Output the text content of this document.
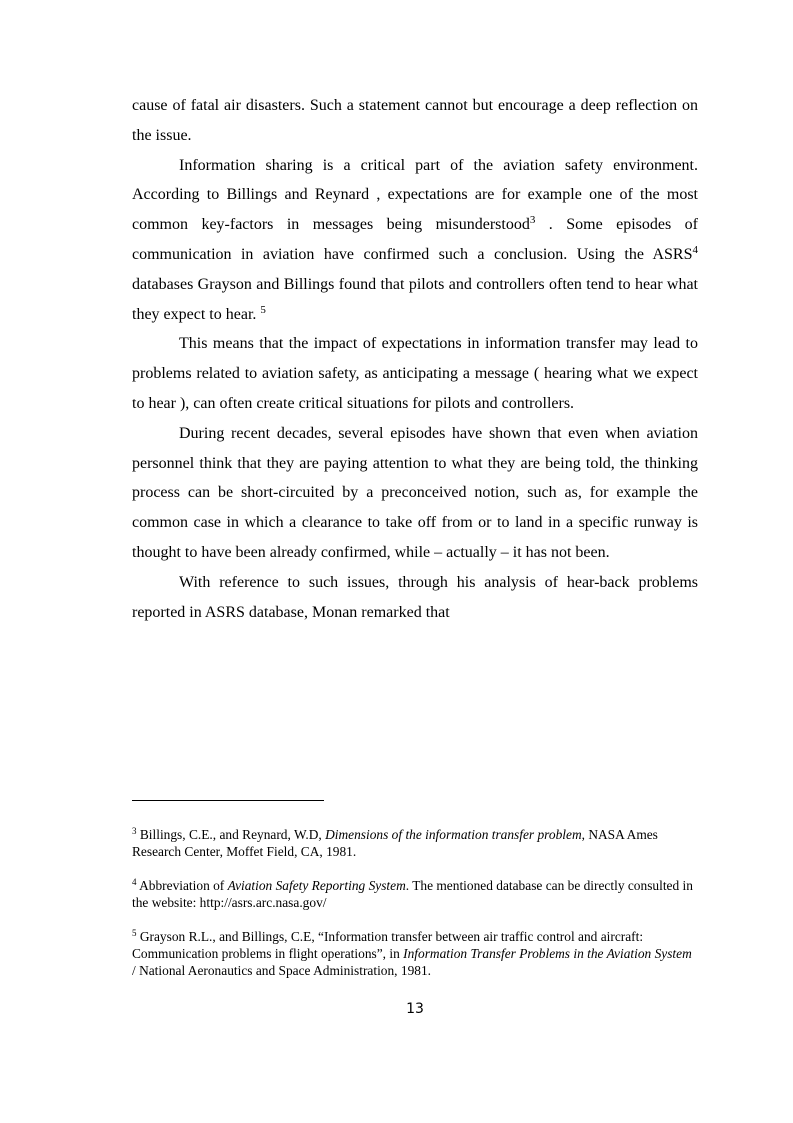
cause of fatal air disasters. Such a statement cannot but encourage a deep reflection on the issue.

Information sharing is a critical part of the aviation safety environment. According to Billings and Reynard , expectations are for example one of the most common key-factors in messages being misunderstood$^3$ . Some episodes of communication in aviation have confirmed such a conclusion. Using the ASRS$^4$ databases Grayson and Billings found that pilots and controllers often tend to hear what they expect to hear. $^5$

This means that the impact of expectations in information transfer may lead to problems related to aviation safety, as anticipating a message ( hearing what we expect to hear ), can often create critical situations for pilots and controllers.

During recent decades, several episodes have shown that even when aviation personnel think that they are paying attention to what they are being told, the thinking process can be short-circuited by a preconceived notion, such as, for example the common case in which a clearance to take off from or to land in a specific runway is thought to have been already confirmed, while – actually – it has not been.

With reference to such issues, through his analysis of hear-back problems reported in ASRS database, Monan remarked that

$^3$ Billings, C.E., and Reynard, W.D, Dimensions of the information transfer problem, NASA Ames Research Center, Moffet Field, CA, 1981.

$^4$ Abbreviation of Aviation Safety Reporting System. The mentioned database can be directly consulted in the website: http://asrs.arc.nasa.gov/

$^5$ Grayson R.L., and Billings, C.E, “Information transfer between air traffic control and aircraft: Communication problems in flight operations”, in Information Transfer Problems in the Aviation System / National Aeronautics and Space Administration, 1981.

13
